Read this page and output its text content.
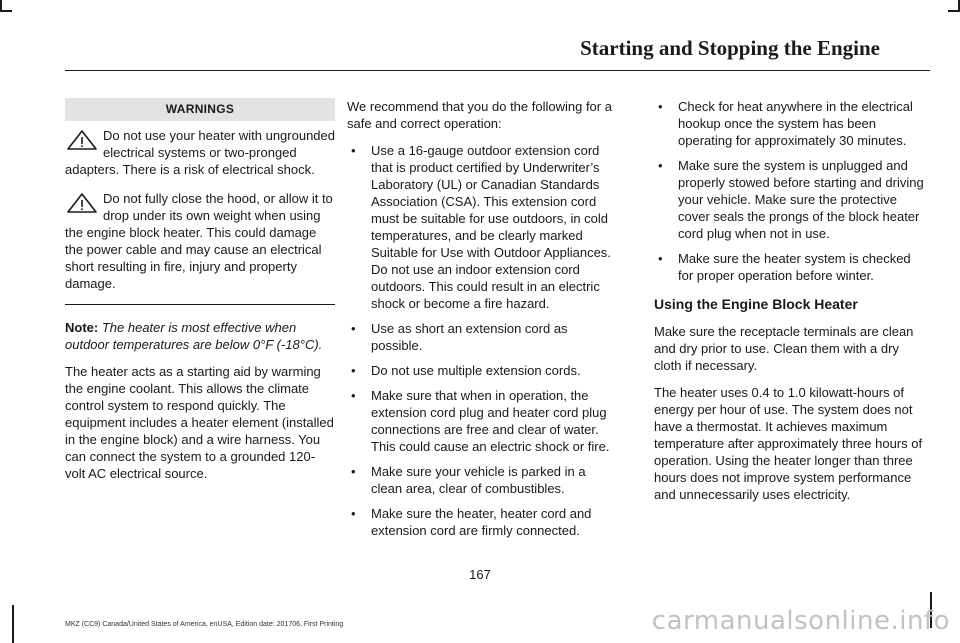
Starting and Stopping the Engine
WARNINGS
Do not use your heater with ungrounded electrical systems or two-pronged adapters. There is a risk of electrical shock.
Do not fully close the hood, or allow it to drop under its own weight when using the engine block heater. This could damage the power cable and may cause an electrical short resulting in fire, injury and property damage.

Note: The heater is most effective when outdoor temperatures are below 0°F (-18°C).

The heater acts as a starting aid by warming the engine coolant. This allows the climate control system to respond quickly. The equipment includes a heater element (installed in the engine block) and a wire harness. You can connect the system to a grounded 120-volt AC electrical source.

We recommend that you do the following for a safe and correct operation:

• Use a 16-gauge outdoor extension cord that is product certified by Underwriter’s Laboratory (UL) or Canadian Standards Association (CSA). This extension cord must be suitable for use outdoors, in cold temperatures, and be clearly marked Suitable for Use with Outdoor Appliances. Do not use an indoor extension cord outdoors. This could result in an electric shock or become a fire hazard.
• Use as short an extension cord as possible.
• Do not use multiple extension cords.
• Make sure that when in operation, the extension cord plug and heater cord plug connections are free and clear of water. This could cause an electric shock or fire.
• Make sure your vehicle is parked in a clean area, clear of combustibles.
• Make sure the heater, heater cord and extension cord are firmly connected.
• Check for heat anywhere in the electrical hookup once the system has been operating for approximately 30 minutes.
• Make sure the system is unplugged and properly stowed before starting and driving your vehicle. Make sure the protective cover seals the prongs of the block heater cord plug when not in use.
• Make sure the heater system is checked for proper operation before winter.
Using the Engine Block Heater

Make sure the receptacle terminals are clean and dry prior to use. Clean them with a dry cloth if necessary.

The heater uses 0.4 to 1.0 kilowatt-hours of energy per hour of use. The system does not have a thermostat. It achieves maximum temperature after approximately three hours of operation. Using the heater longer than three hours does not improve system performance and unnecessarily uses electricity.

167
MKZ (CC9) Canada/United States of America, enUSA, Edition date: 201706, First Printing	carmanualsonline.info
